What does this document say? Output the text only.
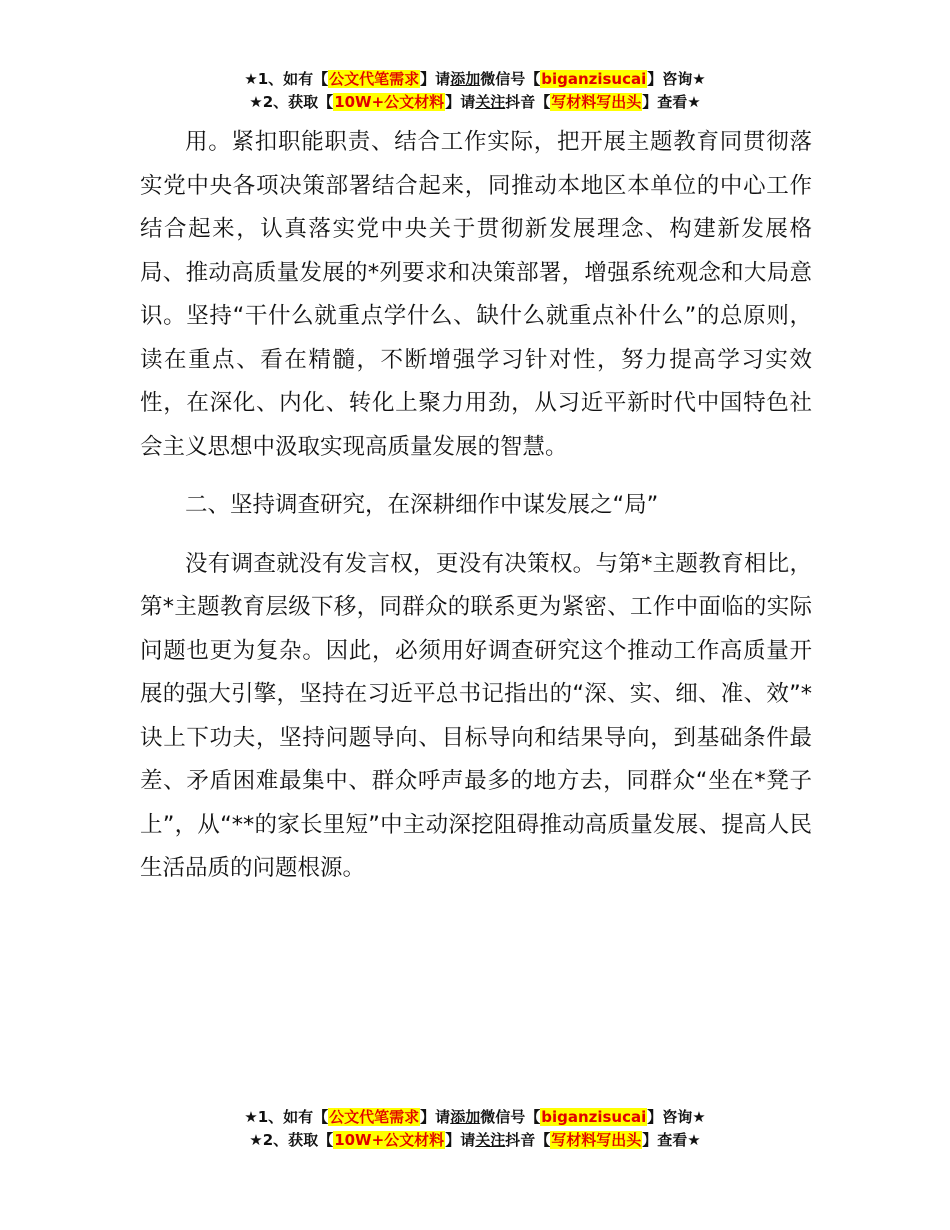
★1、如有【公文代笔需求】请添加微信号【biganzisucai】咨询★
★2、获取【10W+公文材料】请关注抖音【写材料写出头】查看★

用。紧扣职能职责、结合工作实际，把开展主题教育同贯彻落实党中央各项决策部署结合起来，同推动本地区本单位的中心工作结合起来，认真落实党中央关于贯彻新发展理念、构建新发展格局、推动高质量发展的*列要求和决策部署，增强系统观念和大局意识。坚持“干什么就重点学什么、缺什么就重点补什么”的总原则，读在重点、看在精髓，不断增强学习针对性，努力提高学习实效性，在深化、内化、转化上聚力用劲，从习近平新时代中国特色社会主义思想中汲取实现高质量发展的智慧。

二、坚持调查研究，在深耕细作中谋发展之“局”

没有调查就没有发言权，更没有决策权。与第*主题教育相比，第*主题教育层级下移，同群众的联系更为紧密、工作中面临的实际问题也更为复杂。因此，必须用好调查研究这个推动工作高质量开展的强大引擎，坚持在习近平总书记指出的“深、实、细、准、效”*诀上下功夫，坚持问题导向、目标导向和结果导向，到基础条件最差、矛盾困难最集中、群众呼声最多的地方去，同群众“坐在*凳子上”，从“**的家长里短”中主动深挖阻碍推动高质量发展、提高人民生活品质的问题根源。

★1、如有【公文代笔需求】请添加微信号【biganzisucai】咨询★
★2、获取【10W+公文材料】请关注抖音【写材料写出头】查看★
